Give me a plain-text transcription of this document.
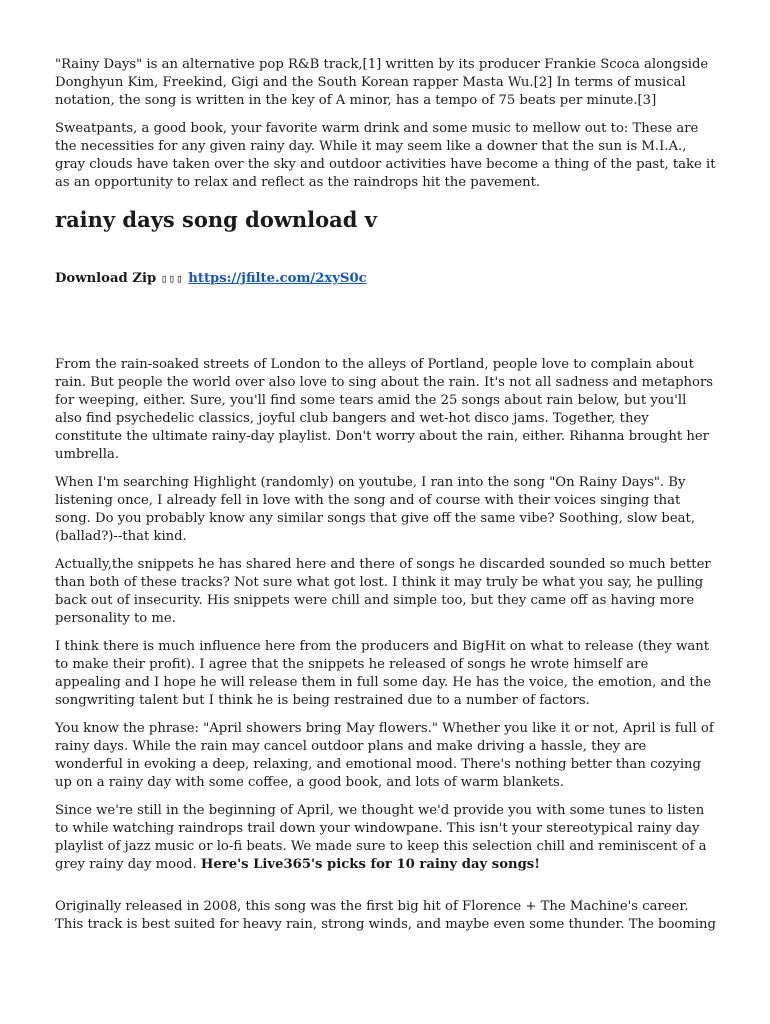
"Rainy Days" is an alternative pop R&B track,[1] written by its producer Frankie Scoca alongside Donghyun Kim, Freekind, Gigi and the South Korean rapper Masta Wu.[2] In terms of musical notation, the song is written in the key of A minor, has a tempo of 75 beats per minute.[3]

Sweatpants, a good book, your favorite warm drink and some music to mellow out to: These are the necessities for any given rainy day. While it may seem like a downer that the sun is M.I.A., gray clouds have taken over the sky and outdoor activities have become a thing of the past, take it as an opportunity to relax and reflect as the raindrops hit the pavement.

rainy days song download v
Download Zip ▯▯▯ https://jfilte.com/2xyS0c

From the rain-soaked streets of London to the alleys of Portland, people love to complain about rain. But people the world over also love to sing about the rain. It's not all sadness and metaphors for weeping, either. Sure, you'll find some tears amid the 25 songs about rain below, but you'll also find psychedelic classics, joyful club bangers and wet-hot disco jams. Together, they constitute the ultimate rainy-day playlist. Don't worry about the rain, either. Rihanna brought her umbrella.

When I'm searching Highlight (randomly) on youtube, I ran into the song "On Rainy Days". By listening once, I already fell in love with the song and of course with their voices singing that song. Do you probably know any similar songs that give off the same vibe? Soothing, slow beat, (ballad?)--that kind.

Actually,the snippets he has shared here and there of songs he discarded sounded so much better than both of these tracks? Not sure what got lost. I think it may truly be what you say, he pulling back out of insecurity. His snippets were chill and simple too, but they came off as having more personality to me.

I think there is much influence here from the producers and BigHit on what to release (they want to make their profit). I agree that the snippets he released of songs he wrote himself are appealing and I hope he will release them in full some day. He has the voice, the emotion, and the songwriting talent but I think he is being restrained due to a number of factors.

You know the phrase: "April showers bring May flowers." Whether you like it or not, April is full of rainy days. While the rain may cancel outdoor plans and make driving a hassle, they are wonderful in evoking a deep, relaxing, and emotional mood. There's nothing better than cozying up on a rainy day with some coffee, a good book, and lots of warm blankets.

Since we're still in the beginning of April, we thought we'd provide you with some tunes to listen to while watching raindrops trail down your windowpane. This isn't your stereotypical rainy day playlist of jazz music or lo-fi beats. We made sure to keep this selection chill and reminiscent of a grey rainy day mood. Here's Live365's picks for 10 rainy day songs!

Originally released in 2008, this song was the first big hit of Florence + The Machine's career. This track is best suited for heavy rain, strong winds, and maybe even some thunder. The booming
